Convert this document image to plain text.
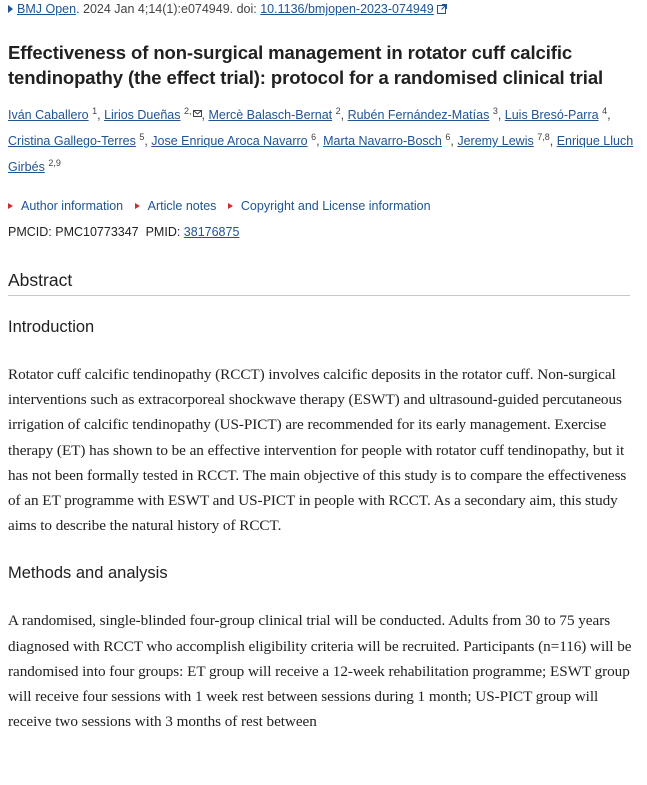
BMJ Open. 2024 Jan 4;14(1):e074949. doi: 10.1136/bmjopen-2023-074949
Effectiveness of non-surgical management in rotator cuff calcific tendinopathy (the effect trial): protocol for a randomised clinical trial
Iván Caballero $^1$, Lirios Dueñas $^{2,}$ , Mercè Balasch-Bernat $^2$, Rubén Fernández-Matías $^3$, Luis Bresó-Parra $^4$, Cristina Gallego-Terres $^5$, Jose Enrique Aroca Navarro $^6$, Marta Navarro-Bosch $^6$, Jeremy Lewis $^{7,8}$, Enrique Lluch Girbés $^{2,9}$
Author information Article notes Copyright and License information
PMCID: PMC10773347 PMID: 38176875
Abstract
Introduction

Rotator cuff calcific tendinopathy (RCCT) involves calcific deposits in the rotator cuff. Non-surgical interventions such as extracorporeal shockwave therapy (ESWT) and ultrasound-guided percutaneous irrigation of calcific tendinopathy (US-PICT) are recommended for its early management. Exercise therapy (ET) has shown to be an effective intervention for people with rotator cuff tendinopathy, but it has not been formally tested in RCCT. The main objective of this study is to compare the effectiveness of an ET programme with ESWT and US-PICT in people with RCCT. As a secondary aim, this study aims to describe the natural history of RCCT.

Methods and analysis

A randomised, single-blinded four-group clinical trial will be conducted. Adults from 30 to 75 years diagnosed with RCCT who accomplish eligibility criteria will be recruited. Participants (n=116) will be randomised into four groups: ET group will receive a 12-week rehabilitation programme; ESWT group will receive four sessions with 1 week rest between sessions during 1 month; US-PICT group will receive two sessions with 3 months of rest between
